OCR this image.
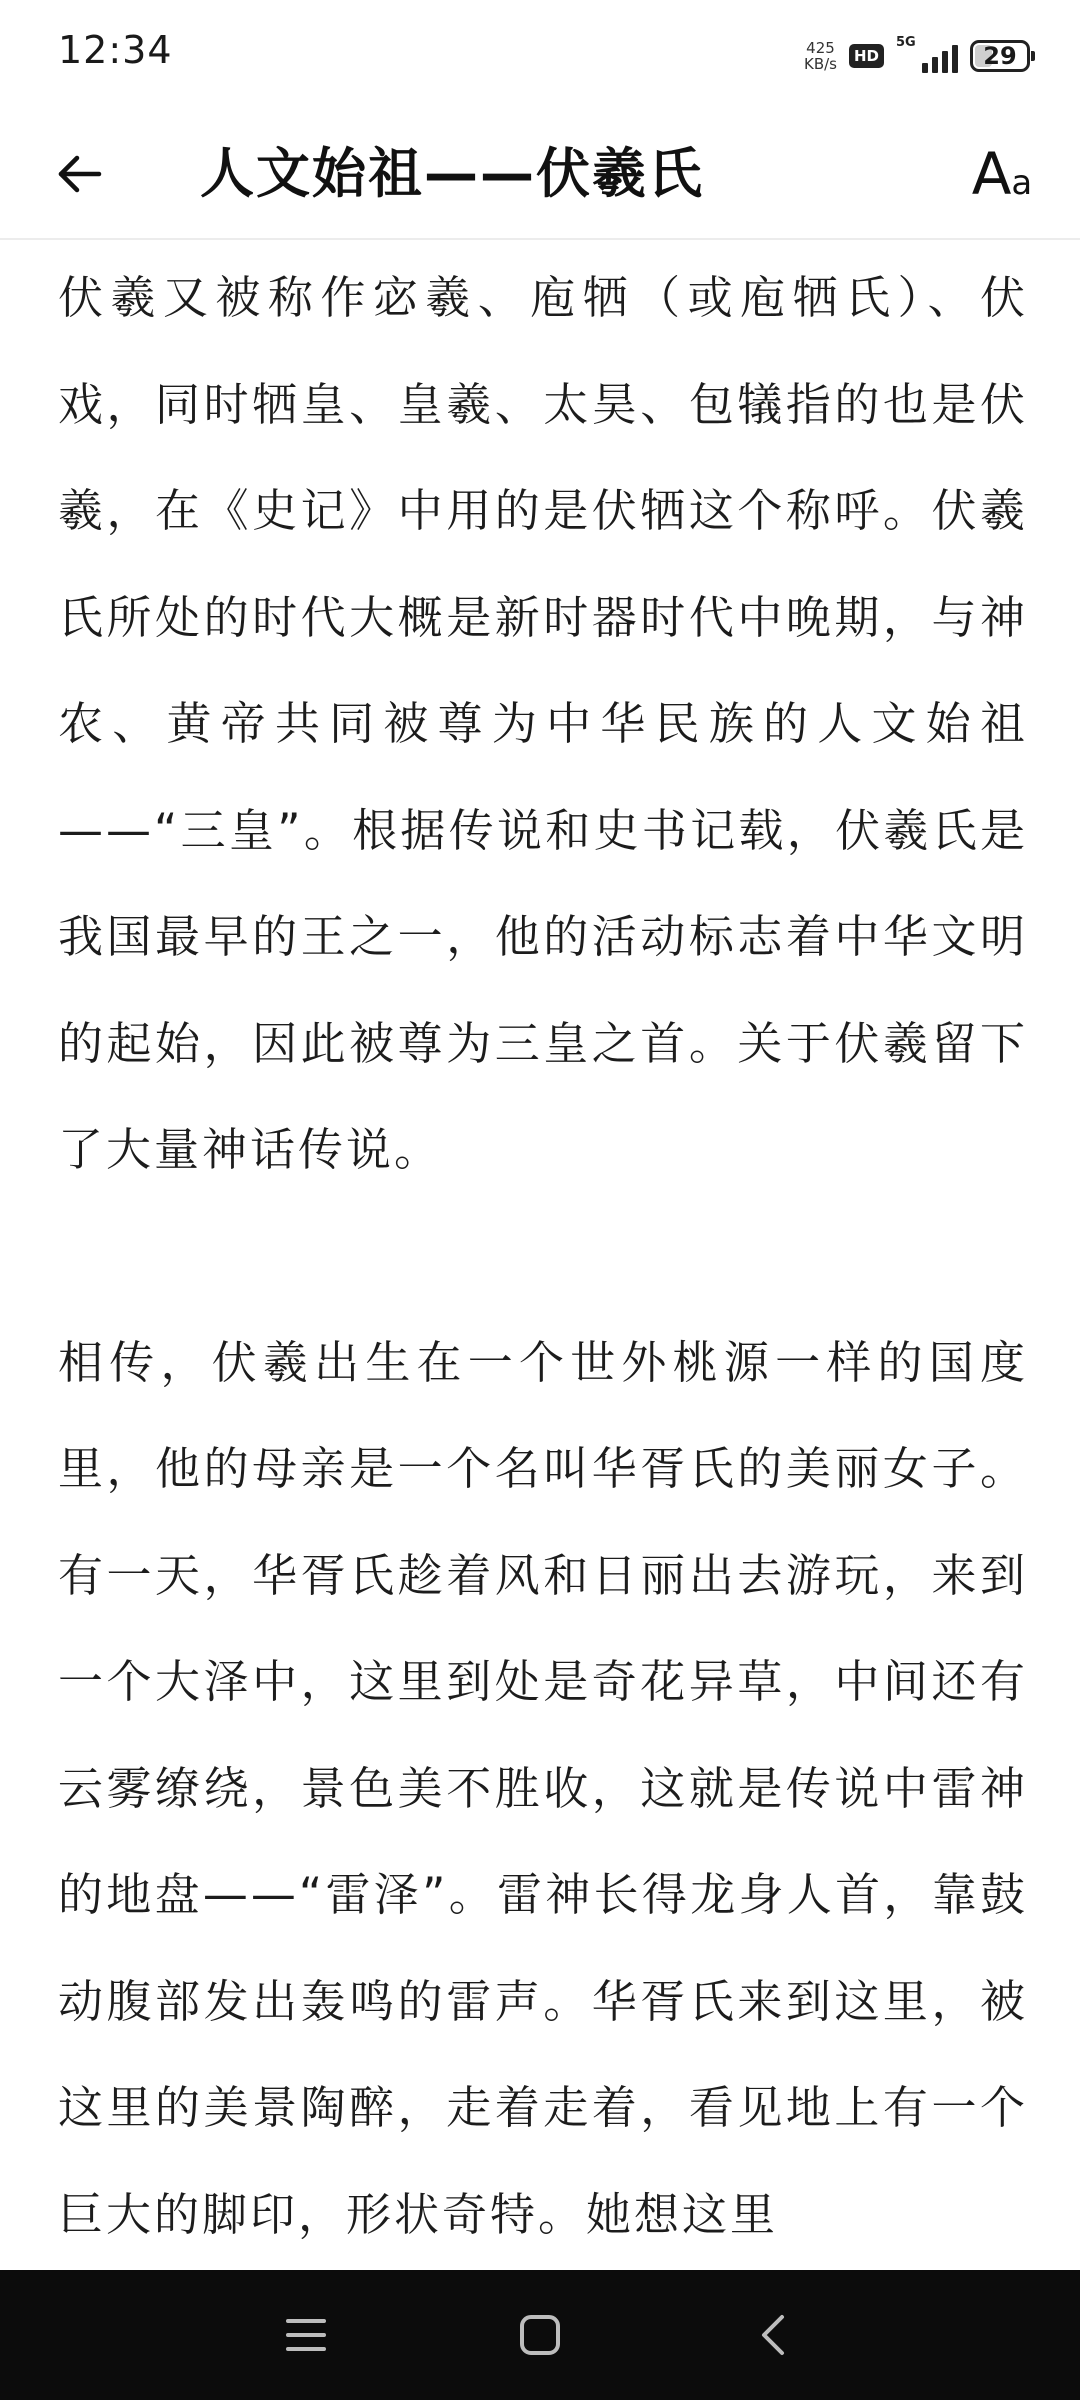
12:34	425
KB/s	HD
5G	29
人文始祖——伏羲氏	A a

伏羲又被称作宓羲、庖牺（或庖牺氏）、伏戏，同时牺皇、皇羲、太昊、包犠指的也是伏羲，在《史记》中用的是伏牺这个称呼。伏羲氏所处的时代大概是新时器时代中晚期，与神农、黄帝共同被尊为中华民族的人文始祖——“三皇”。根据传说和史书记载，伏羲氏是我国最早的王之一，他的活动标志着中华文明的起始，因此被尊为三皇之首。关于伏羲留下了大量神话传说。

相传，伏羲出生在一个世外桃源一样的国度里，他的母亲是一个名叫华胥氏的美丽女子。有一天，华胥氏趁着风和日丽出去游玩，来到一个大泽中，这里到处是奇花异草，中间还有云雾缭绕，景色美不胜收，这就是传说中雷神的地盘——“雷泽”。雷神长得龙身人首，靠鼓动腹部发出轰鸣的雷声。华胥氏来到这里，被这里的美景陶醉，走着走着，看见地上有一个巨大的脚印，形状奇特。她想这里
